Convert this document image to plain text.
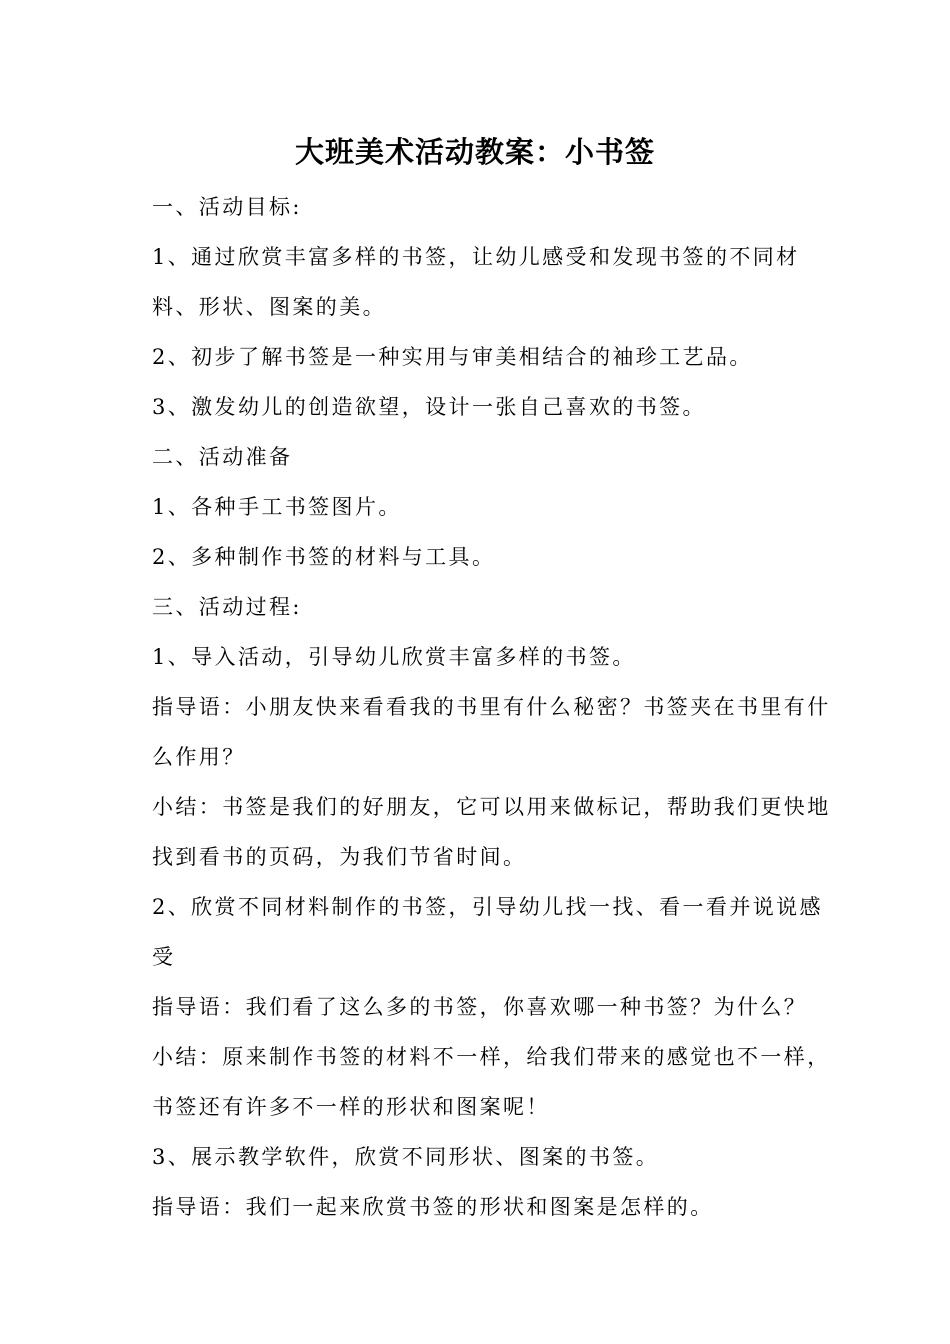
大班美术活动教案：小书签
一、活动目标:
1、通过欣赏丰富多样的书签，让幼儿感受和发现书签的不同材
料、形状、图案的美。
2、初步了解书签是一种实用与审美相结合的袖珍工艺品。
3、激发幼儿的创造欲望，设计一张自己喜欢的书签。
二、活动准备
1、各种手工书签图片。
2、多种制作书签的材料与工具。
三、活动过程:
1、导入活动，引导幼儿欣赏丰富多样的书签。
指导语：小朋友快来看看我的书里有什么秘密？书签夹在书里有什
么作用？
小结：书签是我们的好朋友，它可以用来做标记，帮助我们更快地
找到看书的页码，为我们节省时间。
2、欣赏不同材料制作的书签，引导幼儿找一找、看一看并说说感
受
指导语：我们看了这么多的书签，你喜欢哪一种书签？为什么？
小结：原来制作书签的材料不一样，给我们带来的感觉也不一样，
书签还有许多不一样的形状和图案呢！
3、展示教学软件，欣赏不同形状、图案的书签。
指导语：我们一起来欣赏书签的形状和图案是怎样的。
